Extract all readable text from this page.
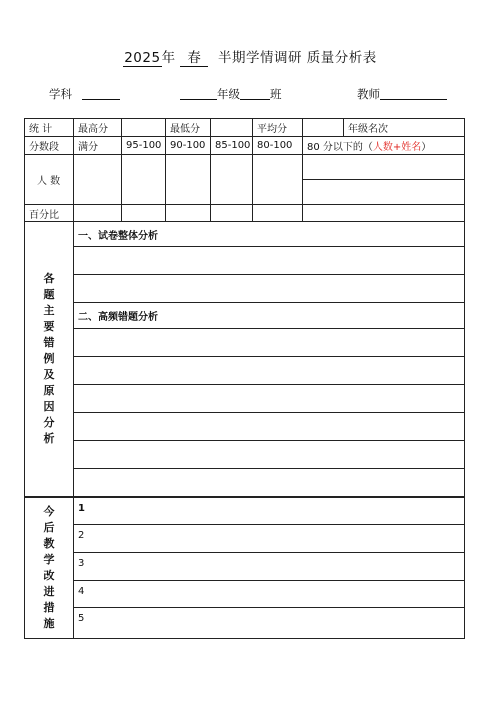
2025年 春 半期学情调研 质量分析表
学科	年级	班	教师
统 计	最高分		最低分		平均分		年级名次
分数段	满分	95-100	90-100	85-100	80-100	80 分以下的（人数+姓名）	
人 数							

百分比							
各
题
主
要
错
例
及
原
因
分
析
	一、试卷整体分析

二、高频错题分析

今
后
教
学
改
进
措
施
	1
2
3
4
5
